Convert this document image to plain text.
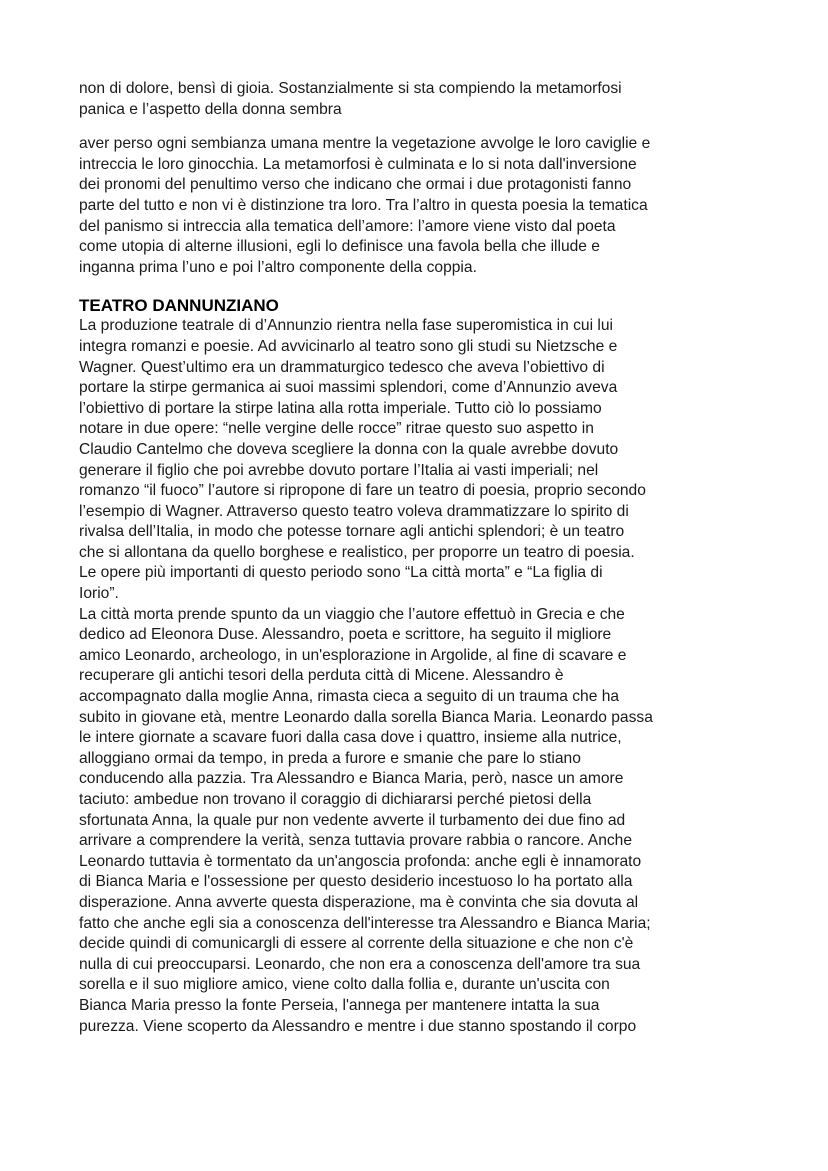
non di dolore, bensì di gioia. Sostanzialmente si sta compiendo la metamorfosi
panica e l’aspetto della donna sembra
aver perso ogni sembianza umana mentre la vegetazione avvolge le loro caviglie e
intreccia le loro ginocchia. La metamorfosi è culminata e lo si nota dall'inversione
dei pronomi del penultimo verso che indicano che ormai i due protagonisti fanno
parte del tutto e non vi è distinzione tra loro. Tra l’altro in questa poesia la tematica
del panismo si intreccia alla tematica dell’amore: l’amore viene visto dal poeta
come utopia di alterne illusioni, egli lo definisce una favola bella che illude e
inganna prima l’uno e poi l’altro componente della coppia.
TEATRO DANNUNZIANO
La produzione teatrale di d’Annunzio rientra nella fase superomistica in cui lui
integra romanzi e poesie. Ad avvicinarlo al teatro sono gli studi su Nietzsche e
Wagner. Quest’ultimo era un drammaturgico tedesco che aveva l’obiettivo di
portare la stirpe germanica ai suoi massimi splendori, come d’Annunzio aveva
l’obiettivo di portare la stirpe latina alla rotta imperiale. Tutto ciò lo possiamo
notare in due opere: “nelle vergine delle rocce” ritrae questo suo aspetto in
Claudio Cantelmo che doveva scegliere la donna con la quale avrebbe dovuto
generare il figlio che poi avrebbe dovuto portare l’Italia ai vasti imperiali; nel
romanzo “il fuoco” l’autore si ripropone di fare un teatro di poesia, proprio secondo
l’esempio di Wagner. Attraverso questo teatro voleva drammatizzare lo spirito di
rivalsa dell’Italia, in modo che potesse tornare agli antichi splendori; è un teatro
che si allontana da quello borghese e realistico, per proporre un teatro di poesia.
Le opere più importanti di questo periodo sono “La città morta” e “La figlia di
Iorio”.
La città morta prende spunto da un viaggio che l’autore effettuò in Grecia e che
dedico ad Eleonora Duse. Alessandro, poeta e scrittore, ha seguito il migliore
amico Leonardo, archeologo, in un'esplorazione in Argolide, al fine di scavare e
recuperare gli antichi tesori della perduta città di Micene. Alessandro è
accompagnato dalla moglie Anna, rimasta cieca a seguito di un trauma che ha
subito in giovane età, mentre Leonardo dalla sorella Bianca Maria. Leonardo passa
le intere giornate a scavare fuori dalla casa dove i quattro, insieme alla nutrice,
alloggiano ormai da tempo, in preda a furore e smanie che pare lo stiano
conducendo alla pazzia. Tra Alessandro e Bianca Maria, però, nasce un amore
taciuto: ambedue non trovano il coraggio di dichiararsi perché pietosi della
sfortunata Anna, la quale pur non vedente avverte il turbamento dei due fino ad
arrivare a comprendere la verità, senza tuttavia provare rabbia o rancore. Anche
Leonardo tuttavia è tormentato da un'angoscia profonda: anche egli è innamorato
di Bianca Maria e l'ossessione per questo desiderio incestuoso lo ha portato alla
disperazione. Anna avverte questa disperazione, ma è convinta che sia dovuta al
fatto che anche egli sia a conoscenza dell'interesse tra Alessandro e Bianca Maria;
decide quindi di comunicargli di essere al corrente della situazione e che non c'è
nulla di cui preoccuparsi. Leonardo, che non era a conoscenza dell'amore tra sua
sorella e il suo migliore amico, viene colto dalla follia e, durante un'uscita con
Bianca Maria presso la fonte Perseia, l'annega per mantenere intatta la sua
purezza. Viene scoperto da Alessandro e mentre i due stanno spostando il corpo
